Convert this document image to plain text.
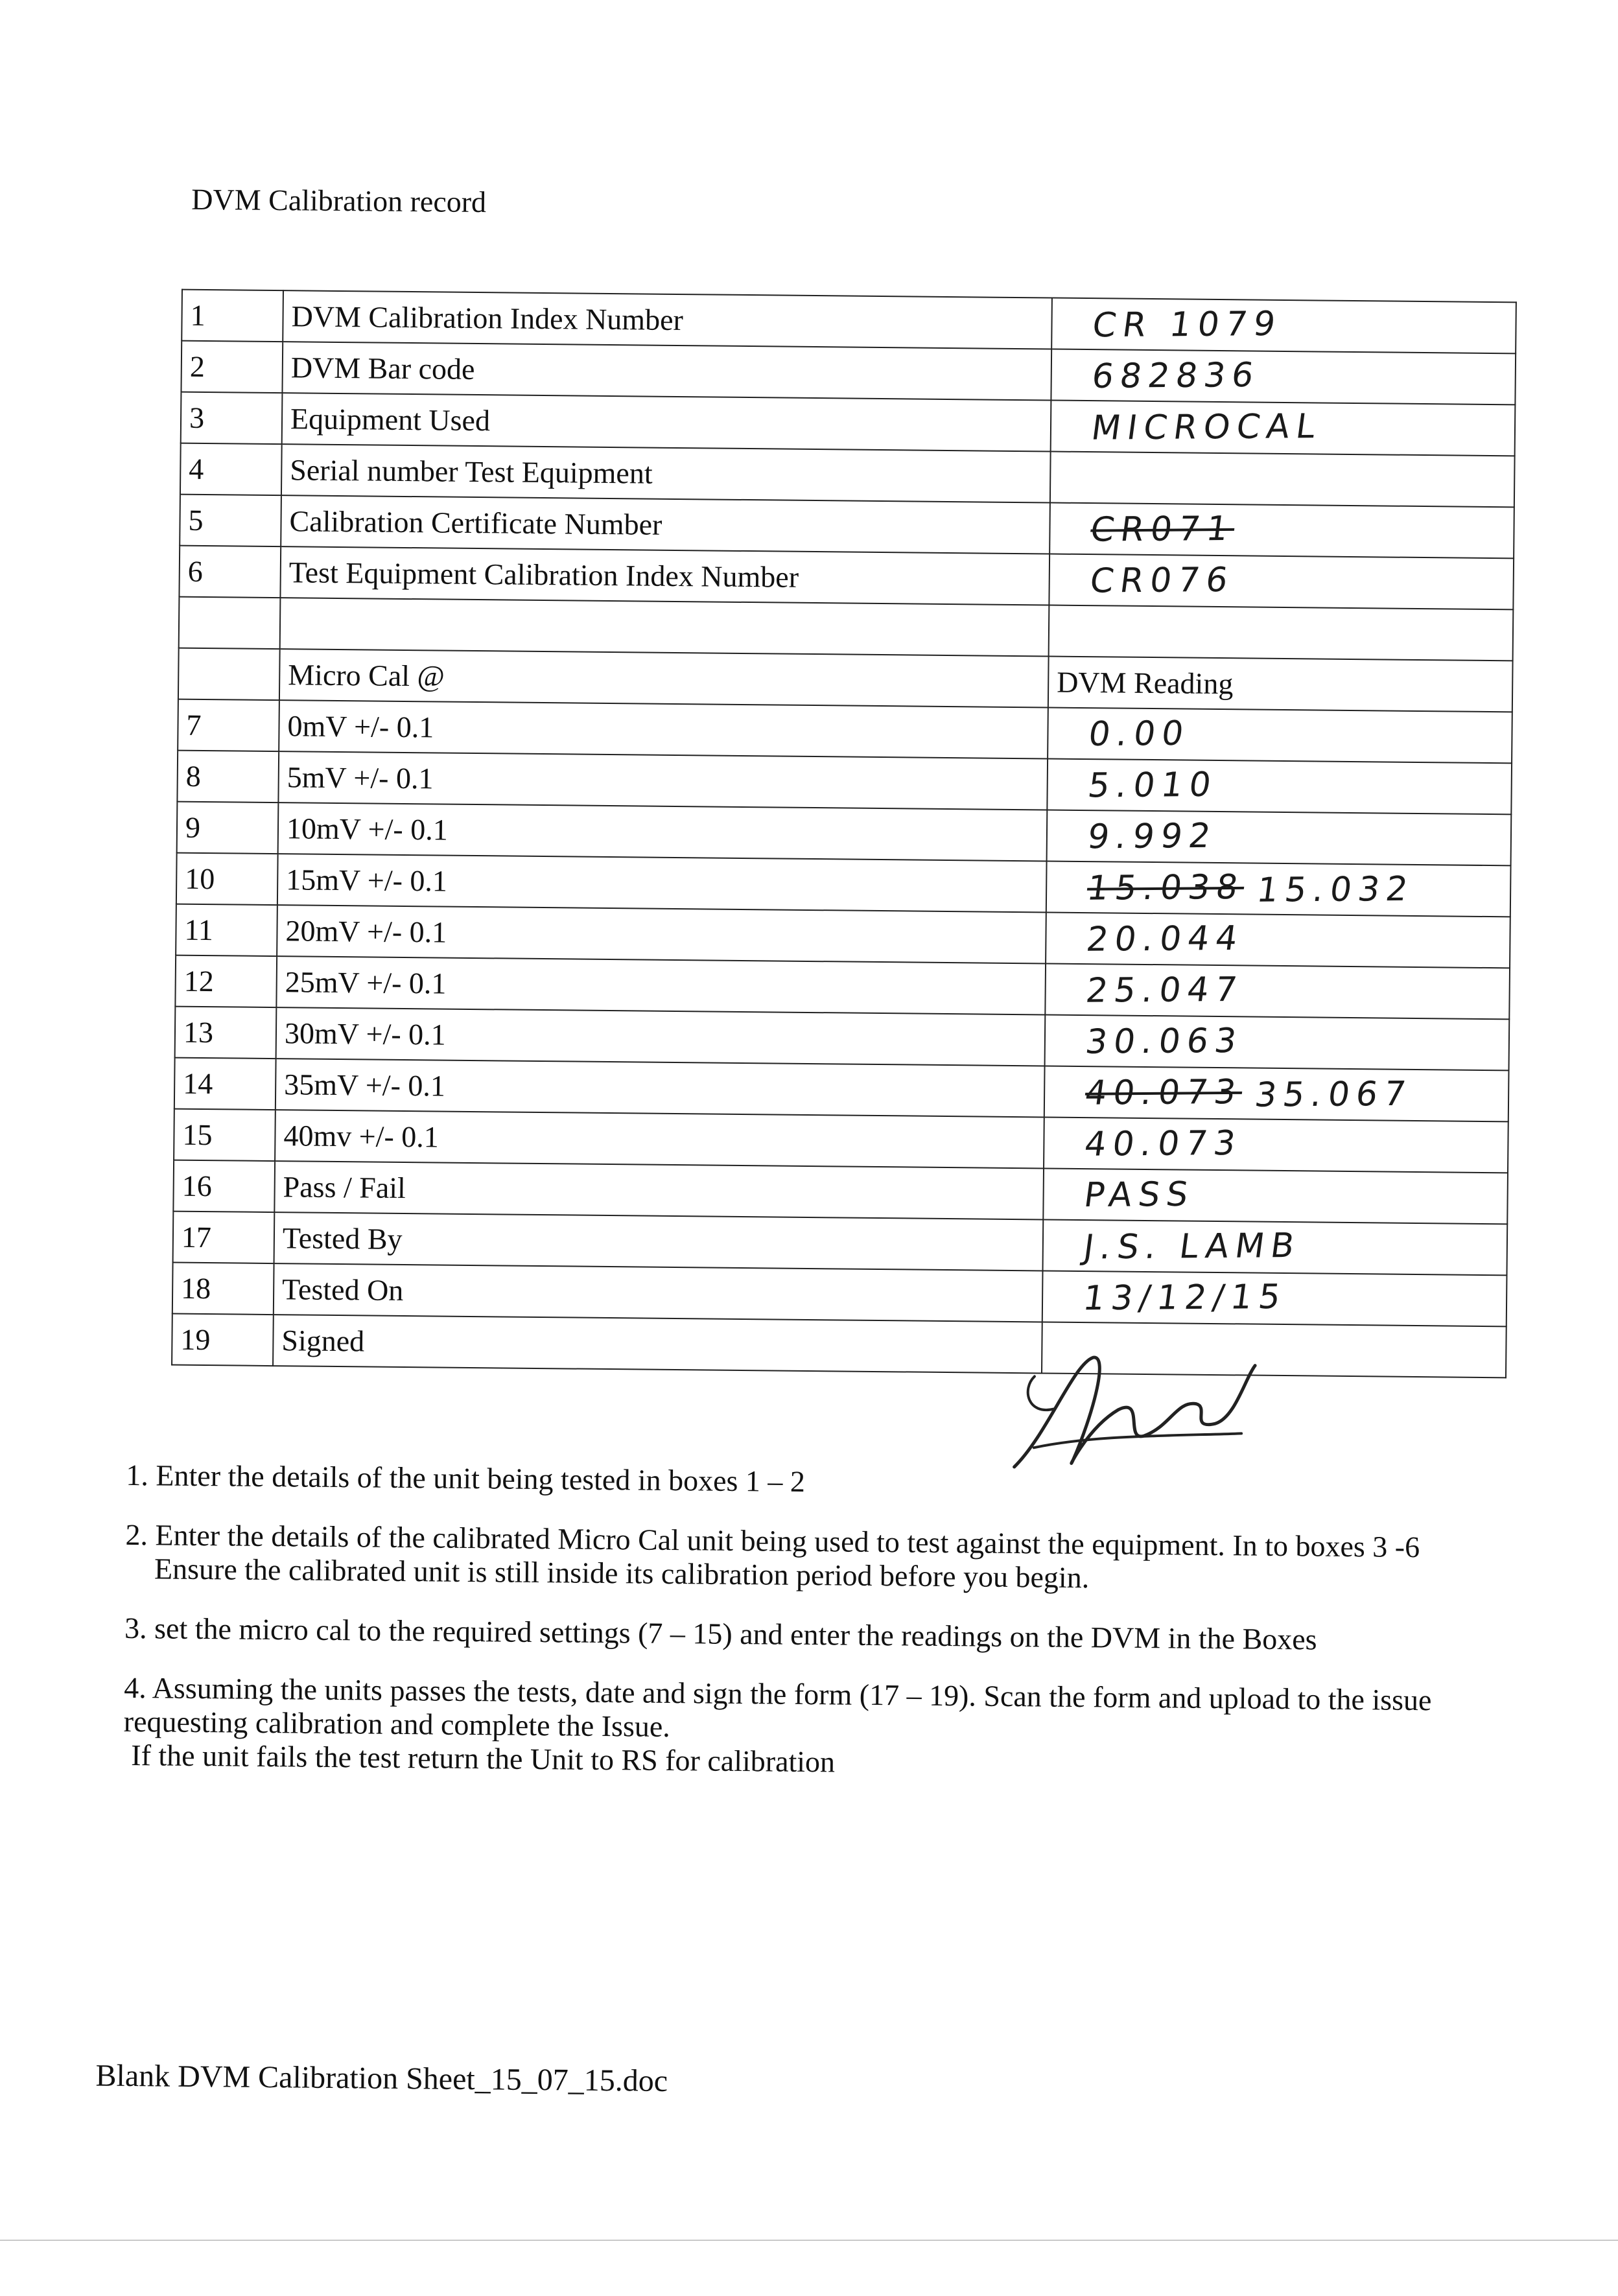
DVM Calibration record
1	DVM Calibration Index Number	CR 1079
2	DVM Bar code	682836
3	Equipment Used	MICROCAL
4	Serial number Test Equipment	
5	Calibration Certificate Number	CR071
6	Test Equipment Calibration Index Number	CR076

	Micro Cal @	DVM Reading
7	0mV +/- 0.1	0.00
8	5mV +/- 0.1	5.010
9	10mV +/- 0.1	9.992
10	15mV +/- 0.1	15.038 15.032
11	20mV +/- 0.1	20.044
12	25mV +/- 0.1	25.047
13	30mV +/- 0.1	30.063
14	35mV +/- 0.1	40.073 35.067
15	40mv +/- 0.1	40.073
16	Pass / Fail	PASS
17	Tested By	J.S. LAMB
18	Tested On	13/12/15
19	Signed	

1. Enter the details of the unit being tested in boxes 1 – 2

2. Enter the details of the calibrated Micro Cal unit being used to test against the equipment. In to boxes 3 -6
Ensure the calibrated unit is still inside its calibration period before you begin.

3. set the micro cal to the required settings (7 – 15) and enter the readings on the DVM in the Boxes

4. Assuming the units passes the tests, date and sign the form (17 – 19). Scan the form and upload to the issue requesting calibration and complete the Issue.
If the unit fails the test return the Unit to RS for calibration

Blank DVM Calibration Sheet_15_07_15.doc
